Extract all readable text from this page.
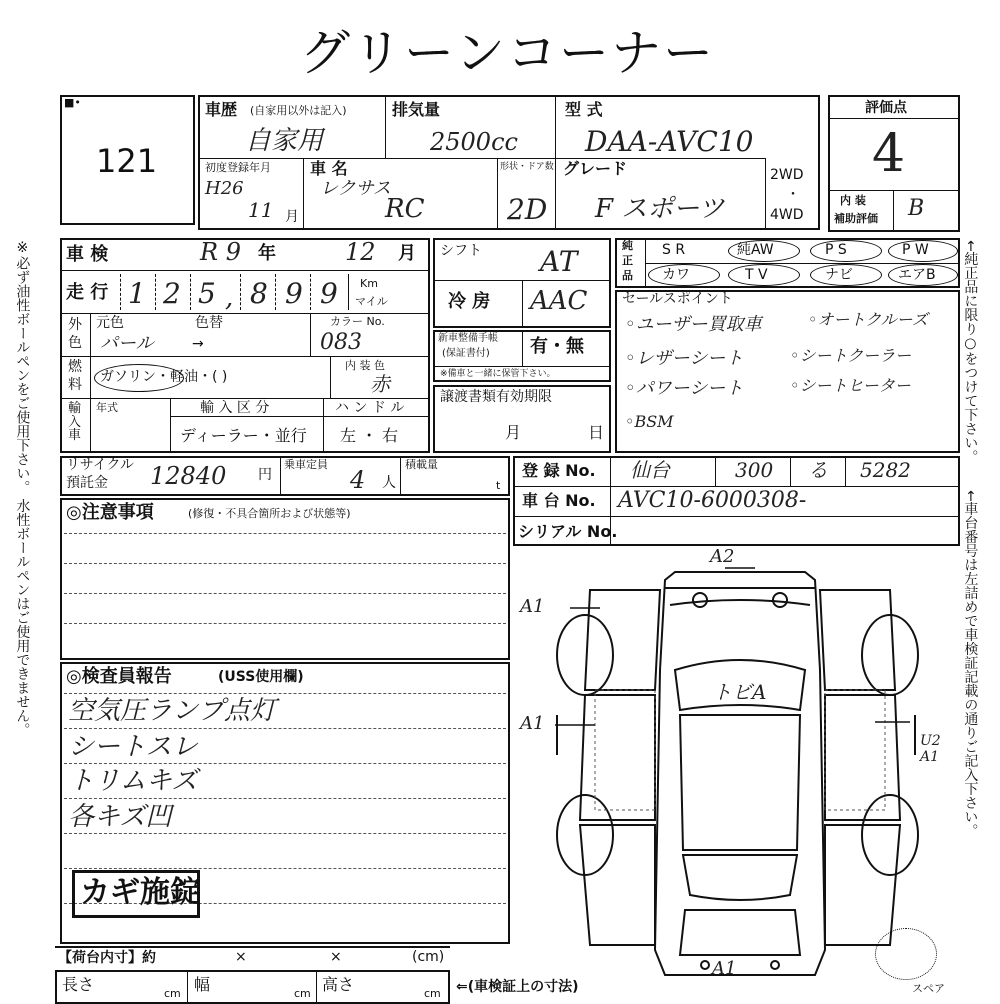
グリーンコーナー
※必ず油性ボールペンをご使用下さい。 水性ボールペンはご使用できません。	←純正品に限り○をつけて下さい。
←車台番号は左詰めで車検証記載の通りご記入下さい。
121
■•	車歴 (自家用以外は記入)
自家用
排気量
2500cc
型 式
DAA-AVC10
初度登録年月
H26
11 月
車 名
レクサス
RC
形状・ドア数
2D
グレード
F スポーツ
2WD
・
4WD
評価点
4
内 装
補助評価 B
車 検	R 9 年	12 月
走 行 1 2 5 , 8 9 9 Km
マイル
外
色
元色	色替
パール	→
カラー No.
083
燃
料 ガソリン・軽油・( )
内 装 色
赤
輸入車
年式	輸 入 区 分
ディーラー・並行
ハ ン ド ル
左 ・ 右
シフト AT
冷 房 AAC
新車整備手帳
(保証書付) 有・無
※備車と一緒に保管下さい。
譲渡書類有効期限
月	日
純
正
品
S R	純AW	P S	P W
カワ	T V	ナビ	エアB
セールスポイント
◦ユーザー買取車	◦オートクルーズ
◦レザーシート	◦シートクーラー
◦パワーシート	◦シートヒーター
◦BSM
リサイクル
預託金 12840 円
乗車定員
4 人
積載量
t
登 録 No. 仙台	300 る 5282
車 台 No. AVC10-6000308-
シリアル No.
◎注意事項	(修復・不具合箇所および状態等)
◎検査員報告	(USS使用欄)
空気圧ランプ点灯
シートスレ
トリムキズ
各キズ凹
カギ施錠
【荷台内寸】約	×	×	(cm)
長さ	cm 幅	cm 高さ	cm ⇐(車検証上の寸法)
A2
A1
A1
トビA
U2
A1
A1
スペア
